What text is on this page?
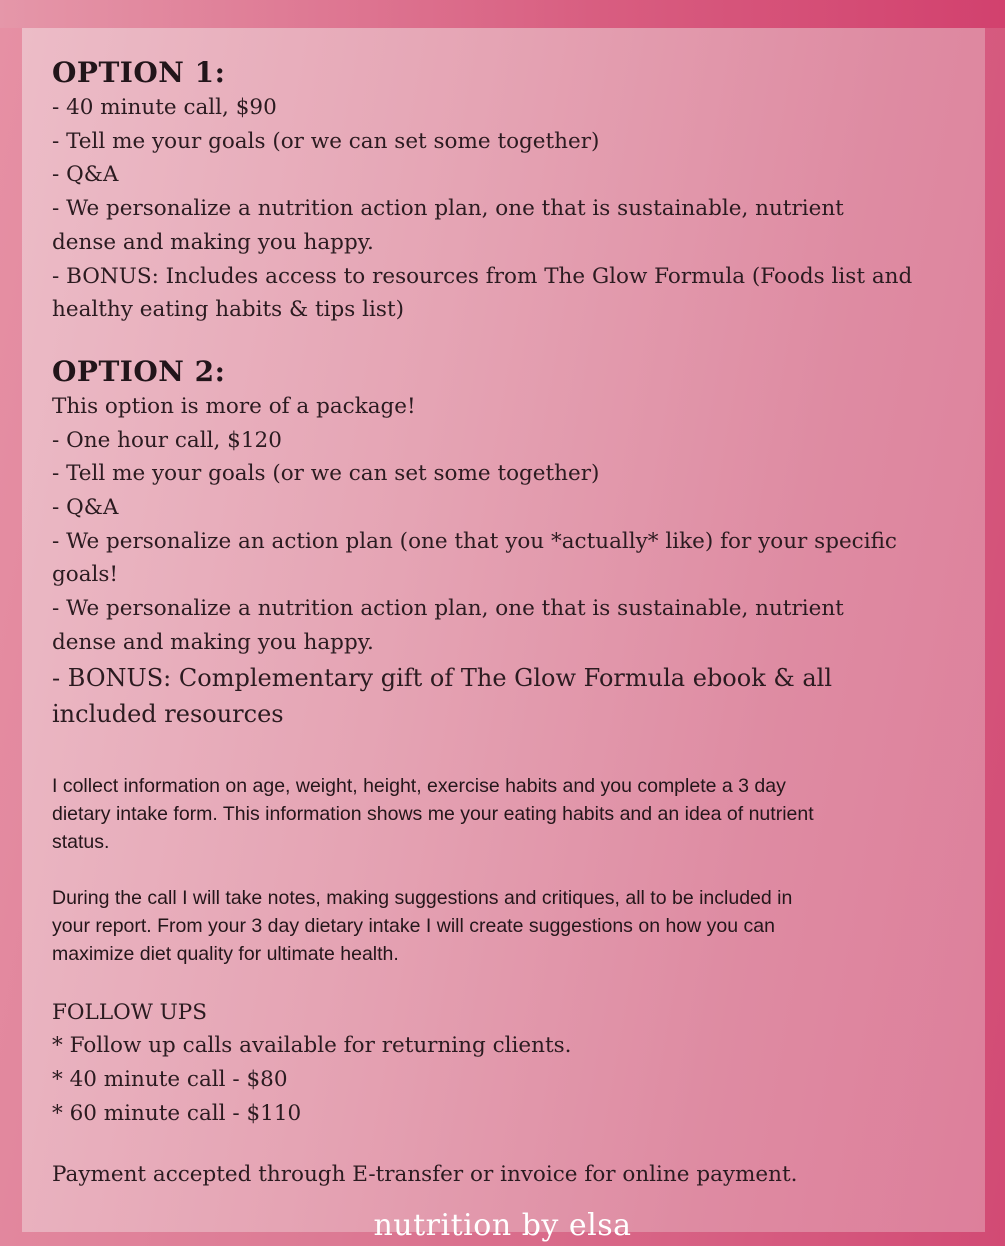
OPTION 1:

- 40 minute call, $90

- Tell me your goals (or we can set some together)

- Q&A

- We personalize a nutrition action plan, one that is sustainable, nutrient

dense and making you happy.

- BONUS: Includes access to resources from The Glow Formula (Foods list and

healthy eating habits & tips list)

OPTION 2:

This option is more of a package!

- One hour call, $120

- Tell me your goals (or we can set some together)

- Q&A

- We personalize an action plan (one that you *actually* like) for your specific

goals!

- We personalize a nutrition action plan, one that is sustainable, nutrient

dense and making you happy.

- BONUS: Complementary gift of The Glow Formula ebook & all

included resources

I collect information on age, weight, height, exercise habits and you complete a 3 day

dietary intake form. This information shows me your eating habits and an idea of nutrient

status.

During the call I will take notes, making suggestions and critiques, all to be included in

your report. From your 3 day dietary intake I will create suggestions on how you can

maximize diet quality for ultimate health.

FOLLOW UPS

* Follow up calls available for returning clients.

* 40 minute call - $80

* 60 minute call - $110

Payment accepted through E-transfer or invoice for online payment.

nutrition by elsa
